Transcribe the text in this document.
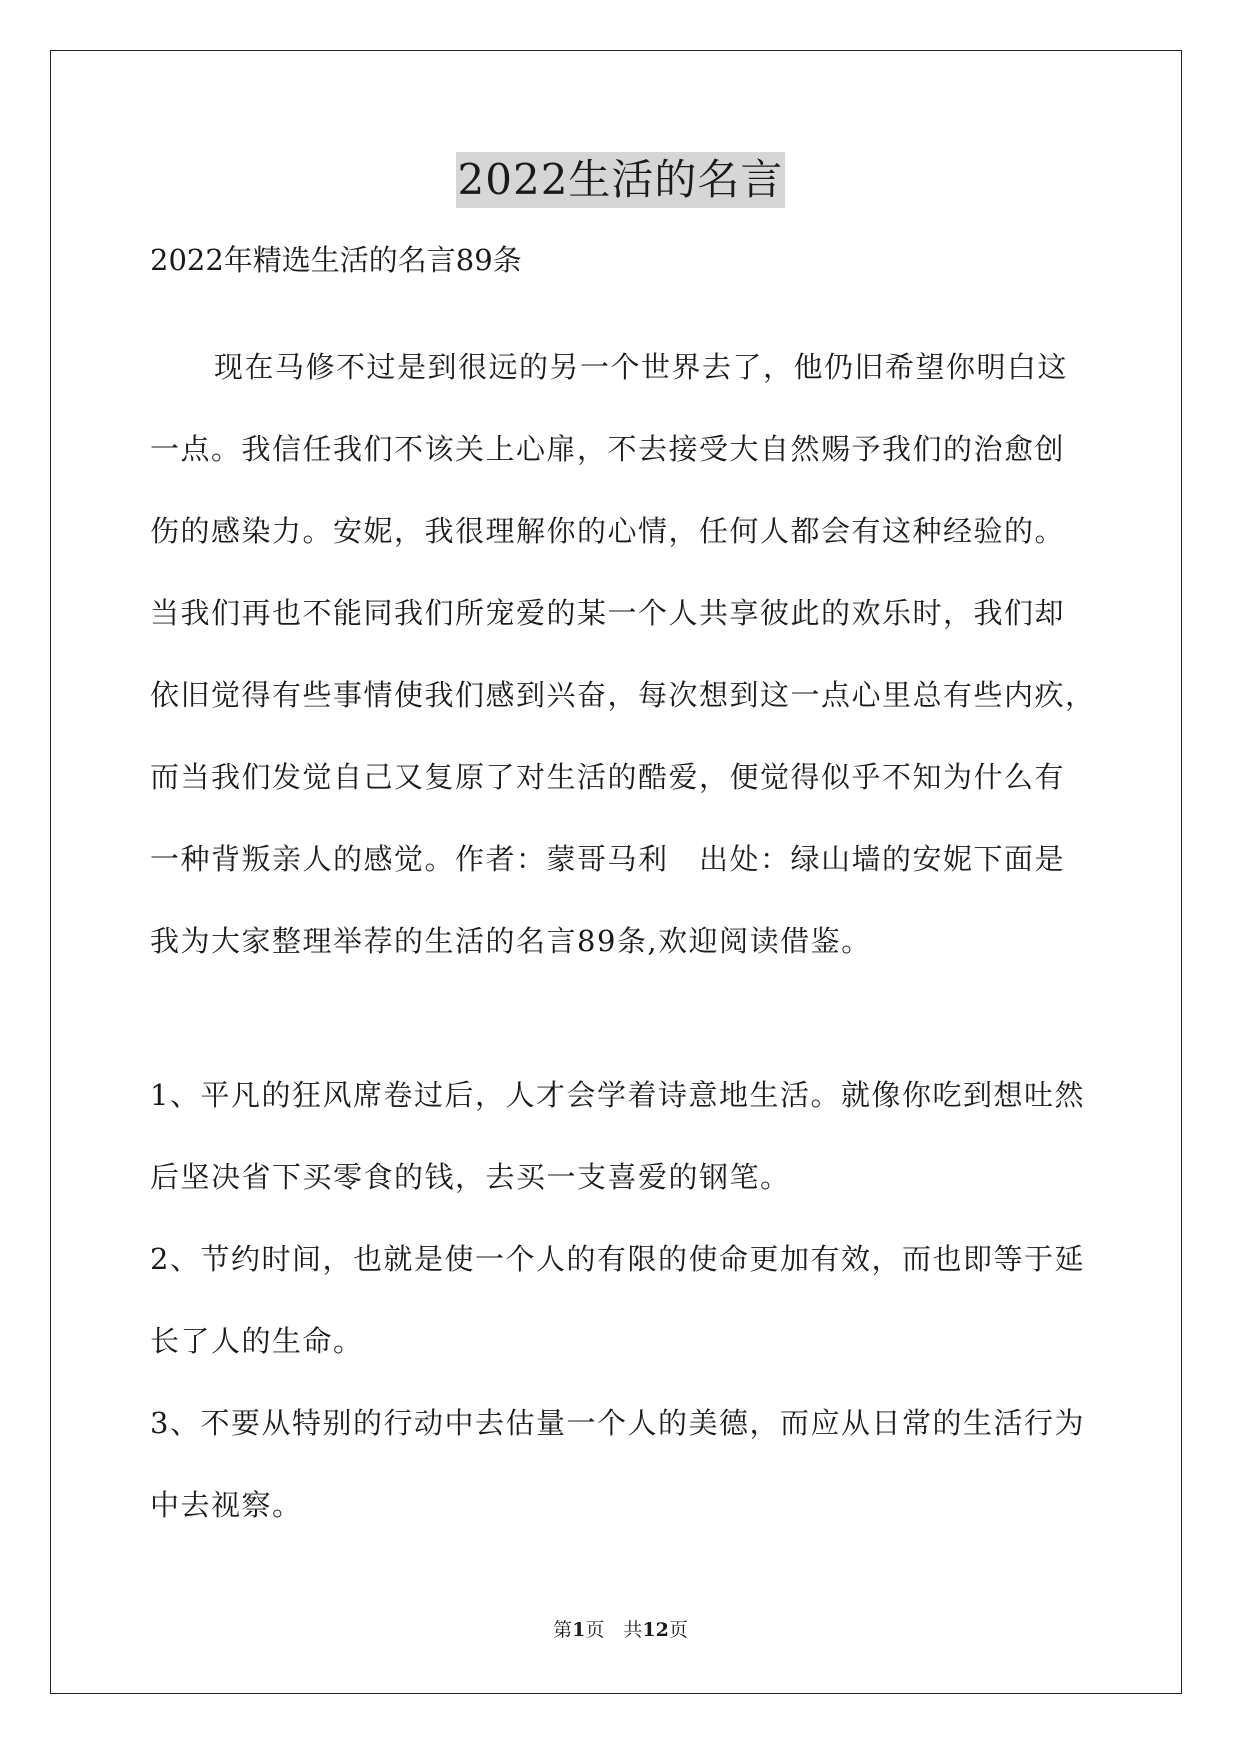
2022生活的名言
2022年精选生活的名言89条
现在马修不过是到很远的另一个世界去了，他仍旧希望你明白这
一点。我信任我们不该关上心扉，不去接受大自然赐予我们的治愈创
伤的感染力。安妮，我很理解你的心情，任何人都会有这种经验的。
当我们再也不能同我们所宠爱的某一个人共享彼此的欢乐时，我们却
依旧觉得有些事情使我们感到兴奋，每次想到这一点心里总有些内疚，
而当我们发觉自己又复原了对生活的酷爱，便觉得似乎不知为什么有
一种背叛亲人的感觉。作者：蒙哥马利　出处：绿山墙的安妮下面是
我为大家整理举荐的生活的名言89条,欢迎阅读借鉴。
1、平凡的狂风席卷过后，人才会学着诗意地生活。就像你吃到想吐然
后坚决省下买零食的钱，去买一支喜爱的钢笔。
2、节约时间，也就是使一个人的有限的使命更加有效，而也即等于延
长了人的生命。
3、不要从特别的行动中去估量一个人的美德，而应从日常的生活行为
中去视察。
第1页　共12页
